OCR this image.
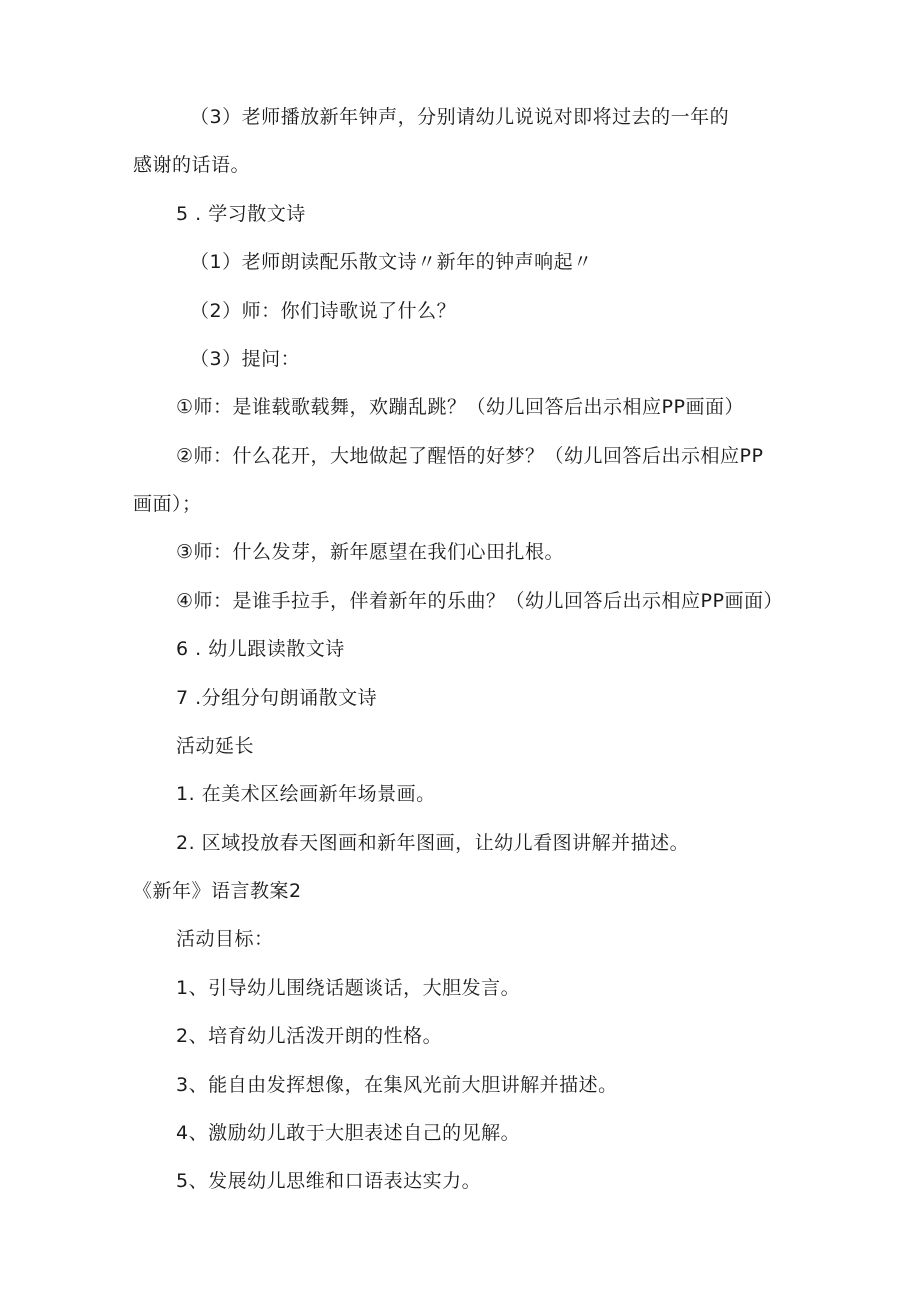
（3）老师播放新年钟声，分别请幼儿说说对即将过去的一年的
感谢的话语。
5 . 学习散文诗
（1）老师朗读配乐散文诗〃新年的钟声响起〃
（2）师：你们诗歌说了什么？
（3）提问：
①师：是谁载歌载舞，欢蹦乱跳？（幼儿回答后出示相应PP画面）
②师：什么花开，大地做起了醒悟的好梦？（幼儿回答后出示相应PP
画面）；
③师：什么发芽，新年愿望在我们心田扎根。
④师：是谁手拉手，伴着新年的乐曲？（幼儿回答后出示相应PP画面）
6 . 幼儿跟读散文诗
7 .分组分句朗诵散文诗
活动延长
1. 在美术区绘画新年场景画。
2. 区域投放春天图画和新年图画，让幼儿看图讲解并描述。
《新年》语言教案2
活动目标：
1、引导幼儿围绕话题谈话，大胆发言。
2、培育幼儿活泼开朗的性格。
3、能自由发挥想像，在集风光前大胆讲解并描述。
4、激励幼儿敢于大胆表述自己的见解。
5、发展幼儿思维和口语表达实力。
